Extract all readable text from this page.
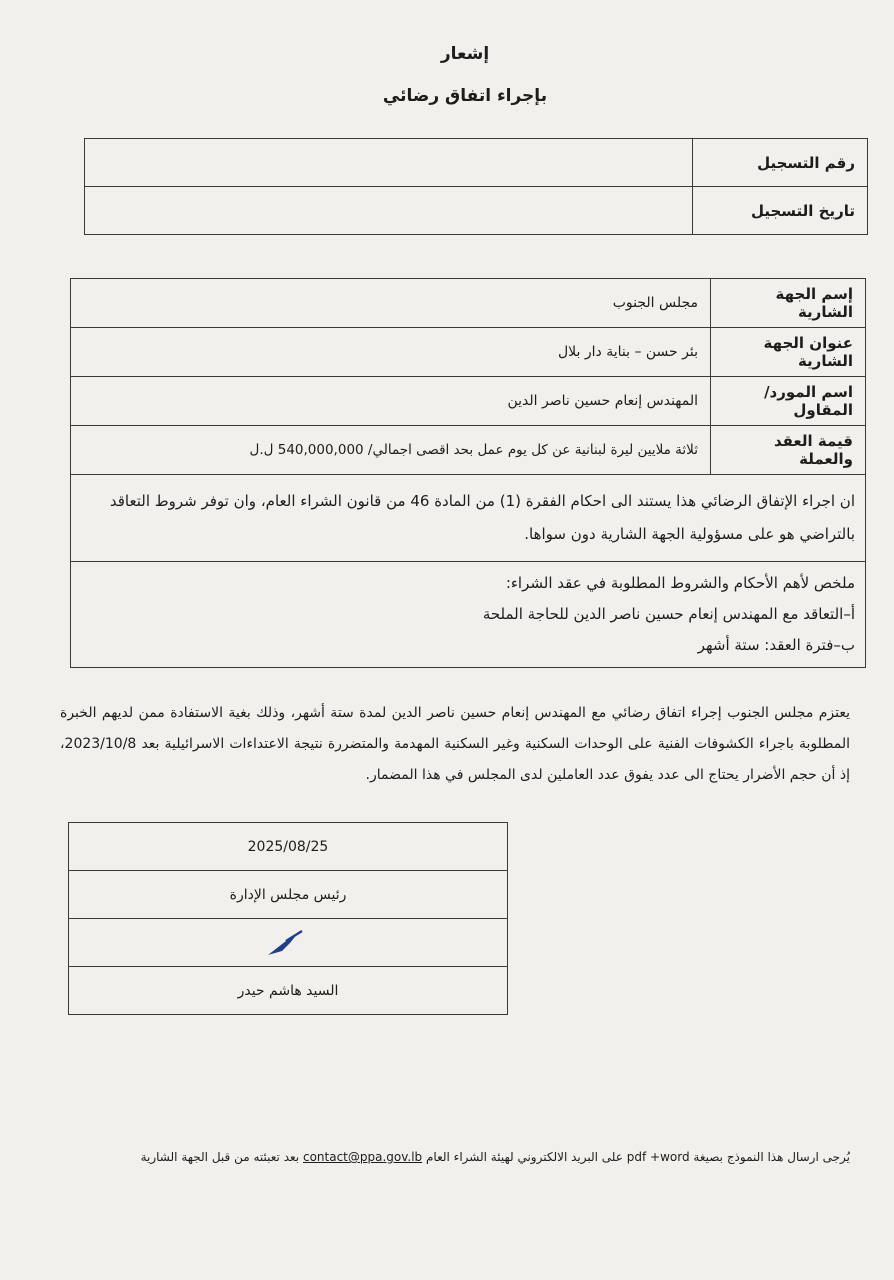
إشعار
بإجراء اتفاق رضائي
رقم التسجيل	
تاريخ التسجيل	
إسم الجهة الشارية	مجلس الجنوب
عنوان الجهة الشارية	بئر حسن – بناية دار بلال
اسم المورد/المقاول	المهندس إنعام حسين ناصر الدين
قيمة العقد والعملة	ثلاثة ملايين ليرة لبنانية عن كل يوم عمل بحد اقصى اجمالي/ 540,000,000 ل.ل
ان اجراء الإتفاق الرضائي هذا يستند الى احكام الفقرة (1) من المادة 46 من قانون الشراء العام، وان توفر شروط التعاقد بالتراضي هو على مسؤولية الجهة الشارية دون سواها.	

ملخص لأهم الأحكام والشروط المطلوبة في عقد الشراء:
أ–التعاقد مع المهندس إنعام حسين ناصر الدين للحاجة الملحة
ب–فترة العقد: ستة أشهر	
يعتزم مجلس الجنوب إجراء اتفاق رضائي مع المهندس إنعام حسين ناصر الدين لمدة ستة أشهر، وذلك بغية الاستفادة ممن لديهم الخبرة المطلوبة باجراء الكشوفات الفنية على الوحدات السكنية وغير السكنية المهدمة والمتضررة نتيجة الاعتداءات الاسرائيلية بعد 2023/10/8، إذ أن حجم الأضرار يحتاج الى عدد يفوق عدد العاملين لدى المجلس في هذا المضمار.
2025/08/25
رئيس مجلس الإدارة

السيد هاشم حيدر
يُرجى ارسال هذا النموذج بصيغة pdf +word على البريد الالكتروني لهيئة الشراء العام contact@ppa.gov.lb بعد تعبئته من قبل الجهة الشارية
